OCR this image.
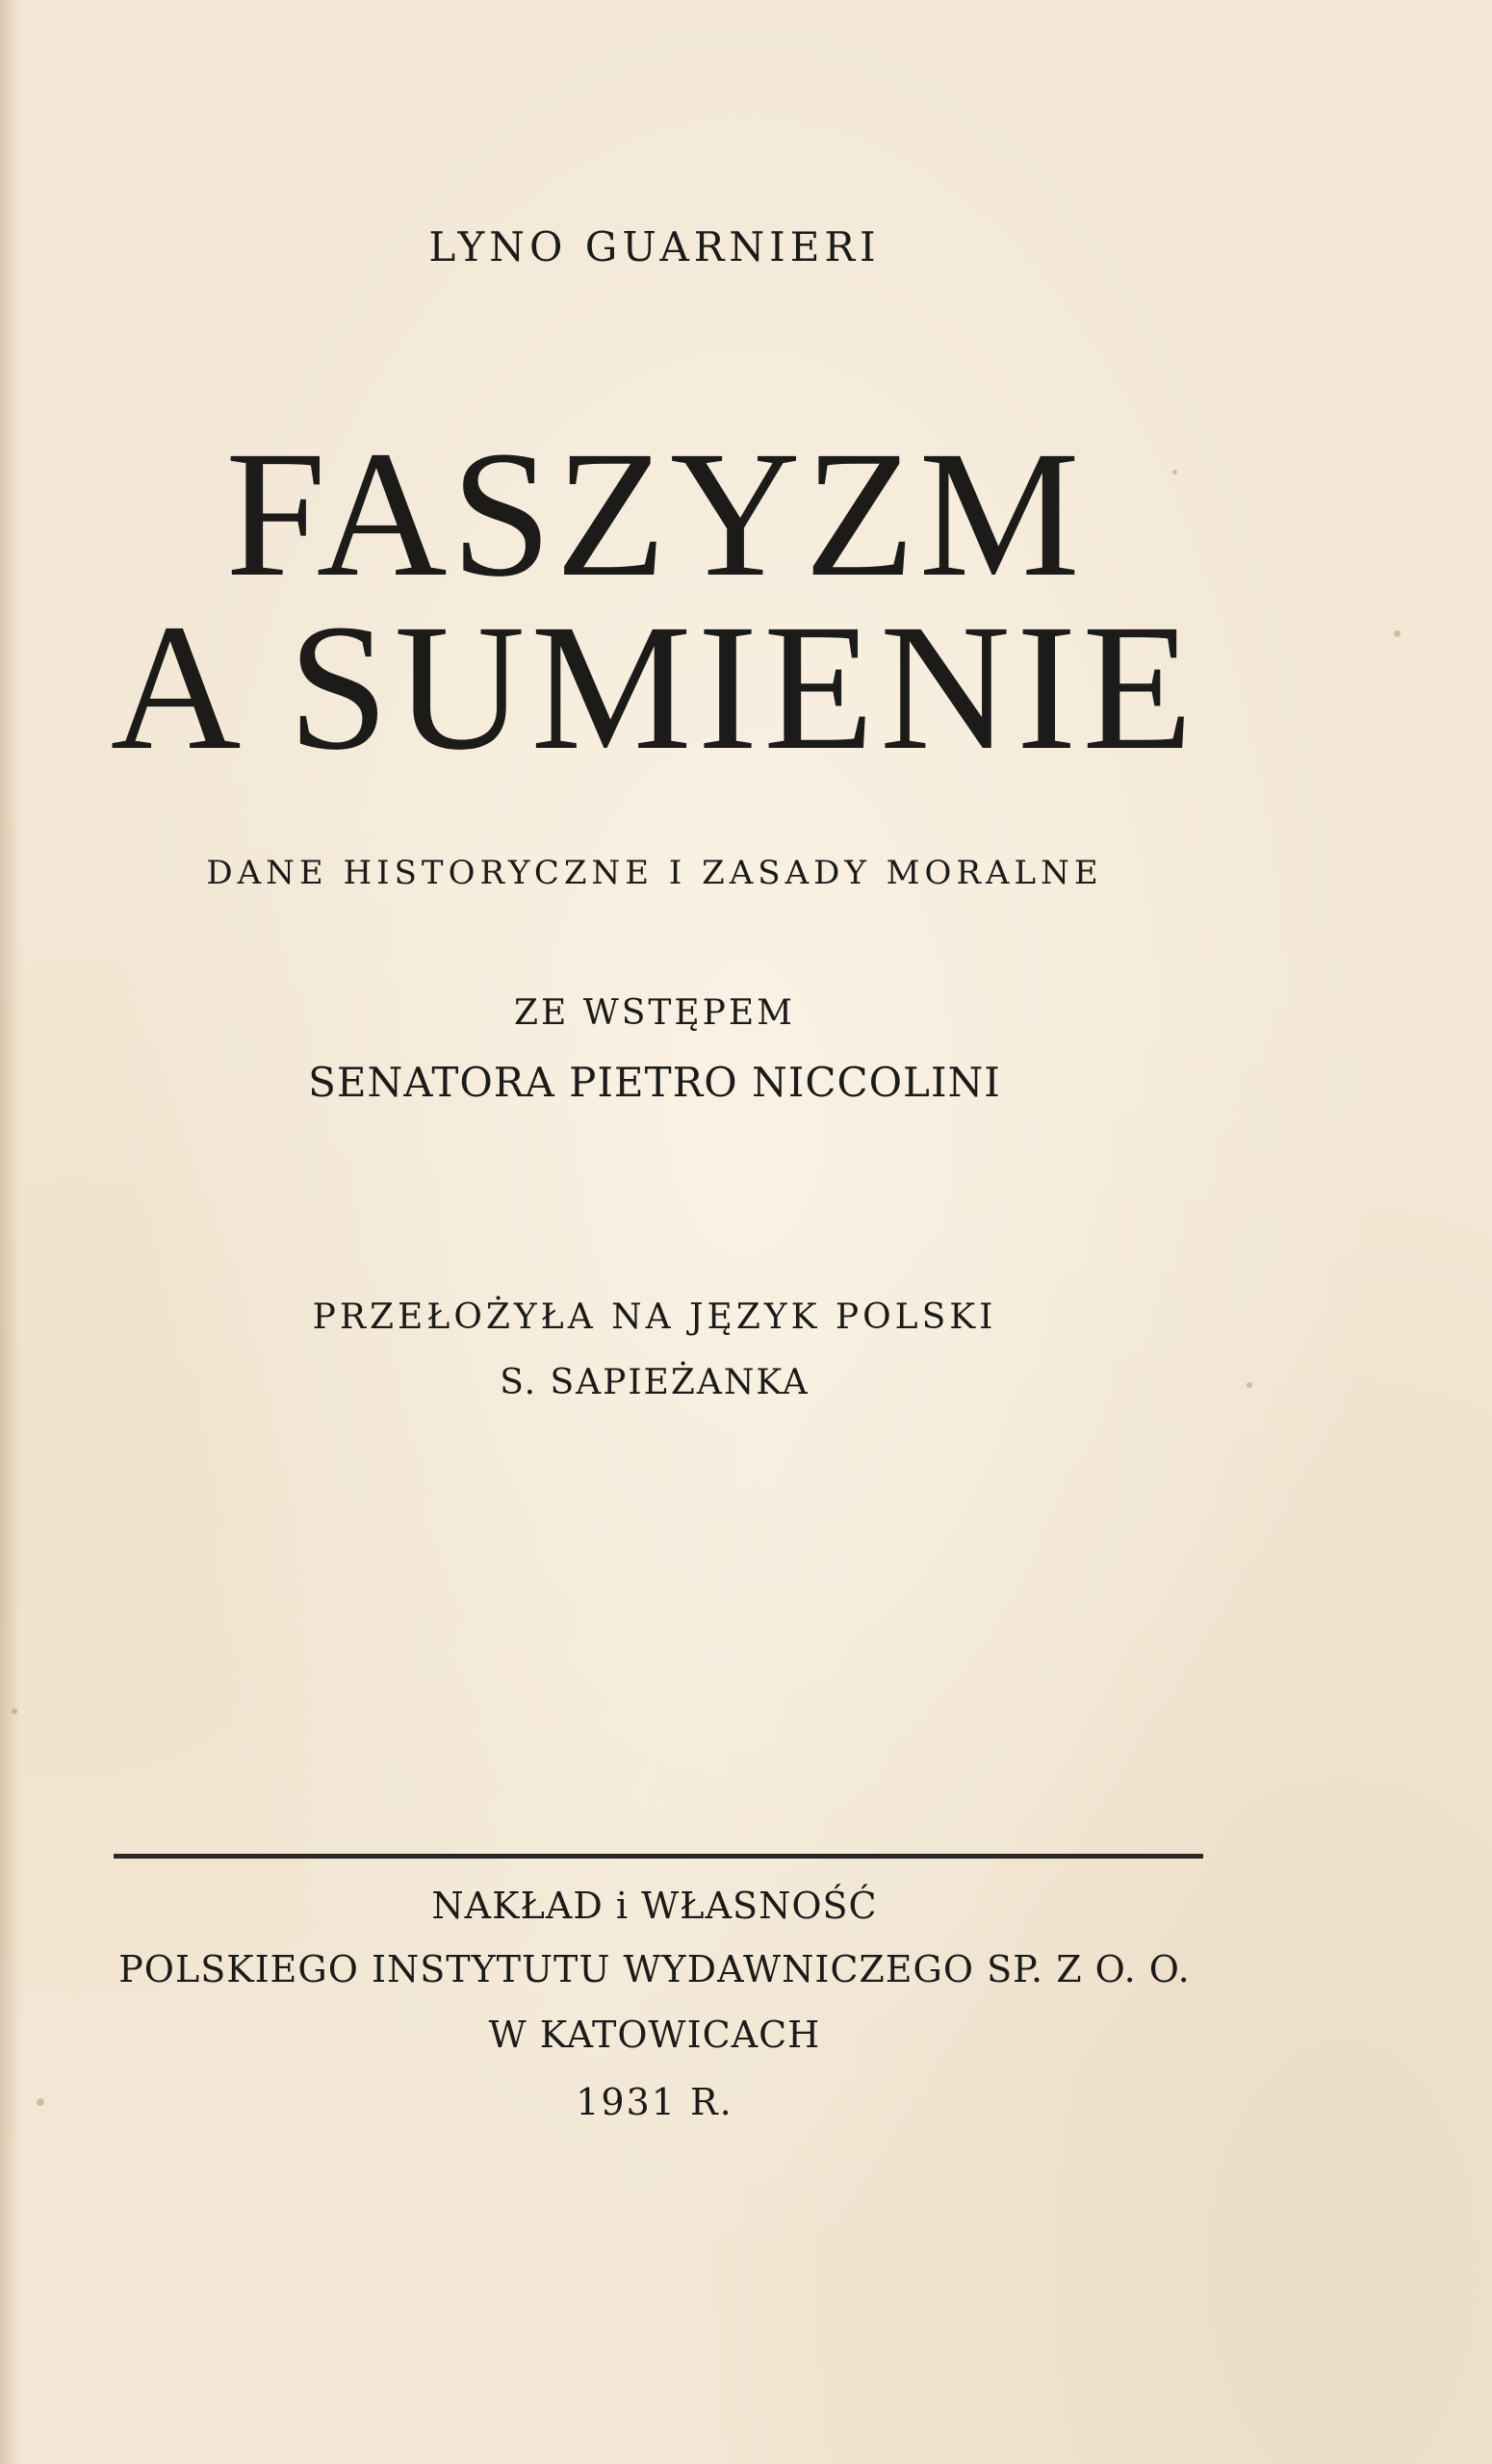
LYNO GUARNIERI

FASZYZM
A SUMIENIE

DANE HISTORYCZNE I ZASADY MORALNE

ZE WSTĘPEM

SENATORA PIETRO NICCOLINI

PRZEŁOŻYŁA NA JĘZYK POLSKI

S. SAPIEŻANKA

NAKŁAD i WŁASNOŚĆ

POLSKIEGO INSTYTUTU WYDAWNICZEGO SP. Z O. O.

W KATOWICACH

1931 R.
